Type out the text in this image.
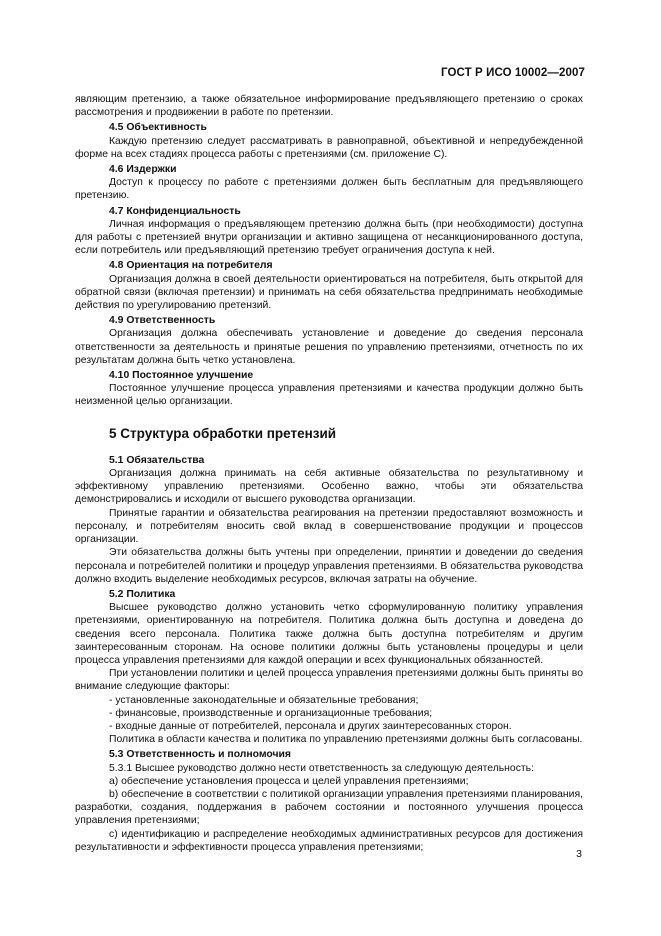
ГОСТ Р ИСО 10002—2007

являющим претензию, а также обязательное информирование предъявляющего претензию о сроках рассмотрения и продвижении в работе по претензии.

4.5 Объективность

Каждую претензию следует рассматривать в равноправной, объективной и непредубежденной форме на всех стадиях процесса работы с претензиями (см. приложение С).

4.6 Издержки

Доступ к процессу по работе с претензиями должен быть бесплатным для предъявляющего претензию.

4.7 Конфиденциальность

Личная информация о предъявляющем претензию должна быть (при необходимости) доступна для работы с претензией внутри организации и активно защищена от несанкционированного доступа, если потребитель или предъявляющий претензию требует ограничения доступа к ней.

4.8 Ориентация на потребителя

Организация должна в своей деятельности ориентироваться на потребителя, быть открытой для обратной связи (включая претензии) и принимать на себя обязательства предпринимать необходимые действия по урегулированию претензий.

4.9 Ответственность

Организация должна обеспечивать установление и доведение до сведения персонала ответственности за деятельность и принятые решения по управлению претензиями, отчетность по их результатам должна быть четко установлена.

4.10 Постоянное улучшение

Постоянное улучшение процесса управления претензиями и качества продукции должно быть неизменной целью организации.

5 Структура обработки претензий

5.1 Обязательства

Организация должна принимать на себя активные обязательства по результативному и эффективному управлению претензиями. Особенно важно, чтобы эти обязательства демонстрировались и исходили от высшего руководства организации.

Принятые гарантии и обязательства реагирования на претензии предоставляют возможность и персоналу, и потребителям вносить свой вклад в совершенствование продукции и процессов организации.

Эти обязательства должны быть учтены при определении, принятии и доведении до сведения персонала и потребителей политики и процедур управления претензиями. В обязательства руководства должно входить выделение необходимых ресурсов, включая затраты на обучение.

5.2 Политика

Высшее руководство должно установить четко сформулированную политику управления претензиями, ориентированную на потребителя. Политика должна быть доступна и доведена до сведения всего персонала. Политика также должна быть доступна потребителям и другим заинтересованным сторонам. На основе политики должны быть установлены процедуры и цели процесса управления претензиями для каждой операции и всех функциональных обязанностей.

При установлении политики и целей процесса управления претензиями должны быть приняты во внимание следующие факторы:

- установленные законодательные и обязательные требования;

- финансовые, производственные и организационные требования;

- входные данные от потребителей, персонала и других заинтересованных сторон.

Политика в области качества и политика по управлению претензиями должны быть согласованы.

5.3 Ответственность и полномочия

5.3.1 Высшее руководство должно нести ответственность за следующую деятельность:

a) обеспечение установления процесса и целей управления претензиями;

b) обеспечение в соответствии с политикой организации управления претензиями планирования, разработки, создания, поддержания в рабочем состоянии и постоянного улучшения процесса управления претензиями;

c) идентификацию и распределение необходимых административных ресурсов для достижения результативности и эффективности процесса управления претензиями;

3
